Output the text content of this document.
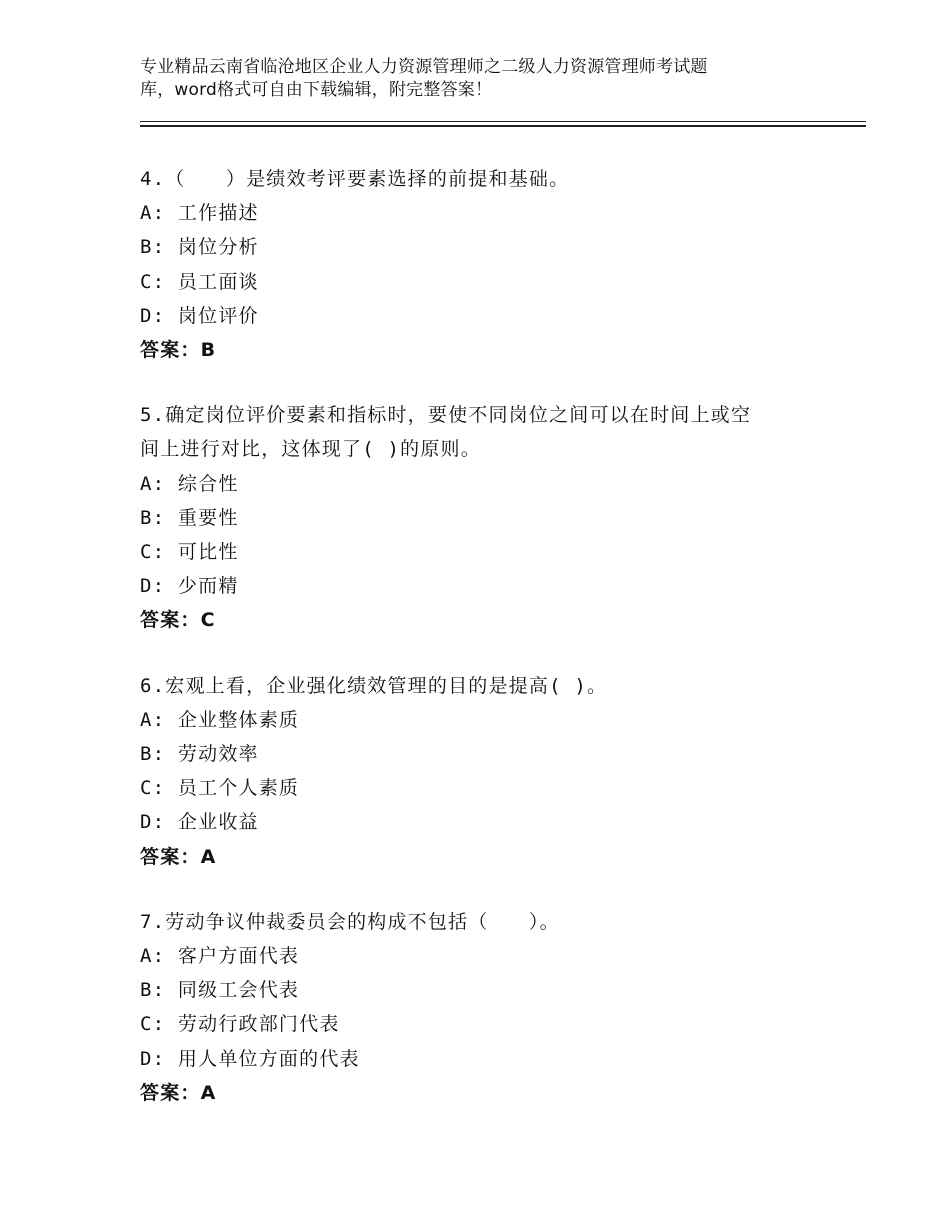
专业精品云南省临沧地区企业人力资源管理师之二级人力资源管理师考试题
库，word格式可自由下载编辑，附完整答案！
4.（　　）是绩效考评要素选择的前提和基础。
A: 工作描述
B: 岗位分析
C: 员工面谈
D: 岗位评价
答案：B
5.确定岗位评价要素和指标时，要使不同岗位之间可以在时间上或空
间上进行对比，这体现了( )的原则。
A: 综合性
B: 重要性
C: 可比性
D: 少而精
答案：C
6.宏观上看，企业强化绩效管理的目的是提高( )。
A: 企业整体素质
B: 劳动效率
C: 员工个人素质
D: 企业收益
答案：A
7.劳动争议仲裁委员会的构成不包括（　　）。
A: 客户方面代表
B: 同级工会代表
C: 劳动行政部门代表
D: 用人单位方面的代表
答案：A
